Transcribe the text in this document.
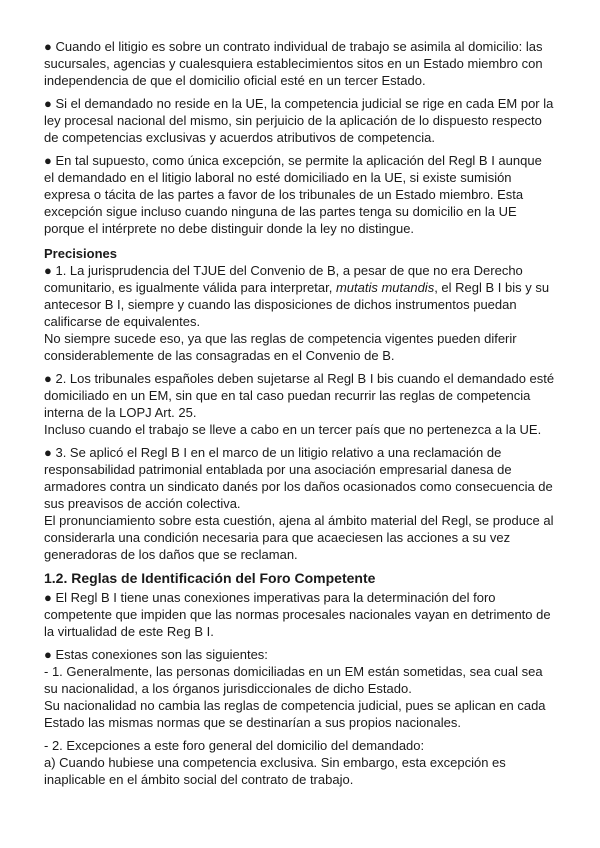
● Cuando el litigio es sobre un contrato individual de trabajo se asimila al domicilio: las
sucursales, agencias y cualesquiera establecimientos sitos en un Estado miembro con
independencia de que el domicilio oficial esté en un tercer Estado.
● Si el demandado no reside en la UE, la competencia judicial se rige en cada EM por la
ley procesal nacional del mismo, sin perjuicio de la aplicación de lo dispuesto respecto
de competencias exclusivas y acuerdos atributivos de competencia.
● En tal supuesto, como única excepción, se permite la aplicación del Regl B I aunque
el demandado en el litigio laboral no esté domiciliado en la UE, si existe sumisión
expresa o tácita de las partes a favor de los tribunales de un Estado miembro. Esta
excepción sigue incluso cuando ninguna de las partes tenga su domicilio en la UE
porque el intérprete no debe distinguir donde la ley no distingue.
Precisiones
● 1. La jurisprudencia del TJUE del Convenio de B, a pesar de que no era Derecho
comunitario, es igualmente válida para interpretar, mutatis mutandis, el Regl B I bis y su
antecesor B I, siempre y cuando las disposiciones de dichos instrumentos puedan
calificarse de equivalentes.
No siempre sucede eso, ya que las reglas de competencia vigentes pueden diferir
considerablemente de las consagradas en el Convenio de B.
● 2. Los tribunales españoles deben sujetarse al Regl B I bis cuando el demandado esté
domiciliado en un EM, sin que en tal caso puedan recurrir las reglas de competencia
interna de la LOPJ Art. 25.
Incluso cuando el trabajo se lleve a cabo en un tercer país que no pertenezca a la UE.
● 3. Se aplicó el Regl B I en el marco de un litigio relativo a una reclamación de
responsabilidad patrimonial entablada por una asociación empresarial danesa de
armadores contra un sindicato danés por los daños ocasionados como consecuencia de
sus preavisos de acción colectiva.
El pronunciamiento sobre esta cuestión, ajena al ámbito material del Regl, se produce al
considerarla una condición necesaria para que acaeciesen las acciones a su vez
generadoras de los daños que se reclaman.
1.2. Reglas de Identificación del Foro Competente
● El Regl B I tiene unas conexiones imperativas para la determinación del foro
competente que impiden que las normas procesales nacionales vayan en detrimento de
la virtualidad de este Reg B I.
● Estas conexiones son las siguientes:
- 1. Generalmente, las personas domiciliadas en un EM están sometidas, sea cual sea
su nacionalidad, a los órganos jurisdiccionales de dicho Estado.
Su nacionalidad no cambia las reglas de competencia judicial, pues se aplican en cada
Estado las mismas normas que se destinarían a sus propios nacionales.
- 2. Excepciones a este foro general del domicilio del demandado:
a) Cuando hubiese una competencia exclusiva. Sin embargo, esta excepción es
inaplicable en el ámbito social del contrato de trabajo.
